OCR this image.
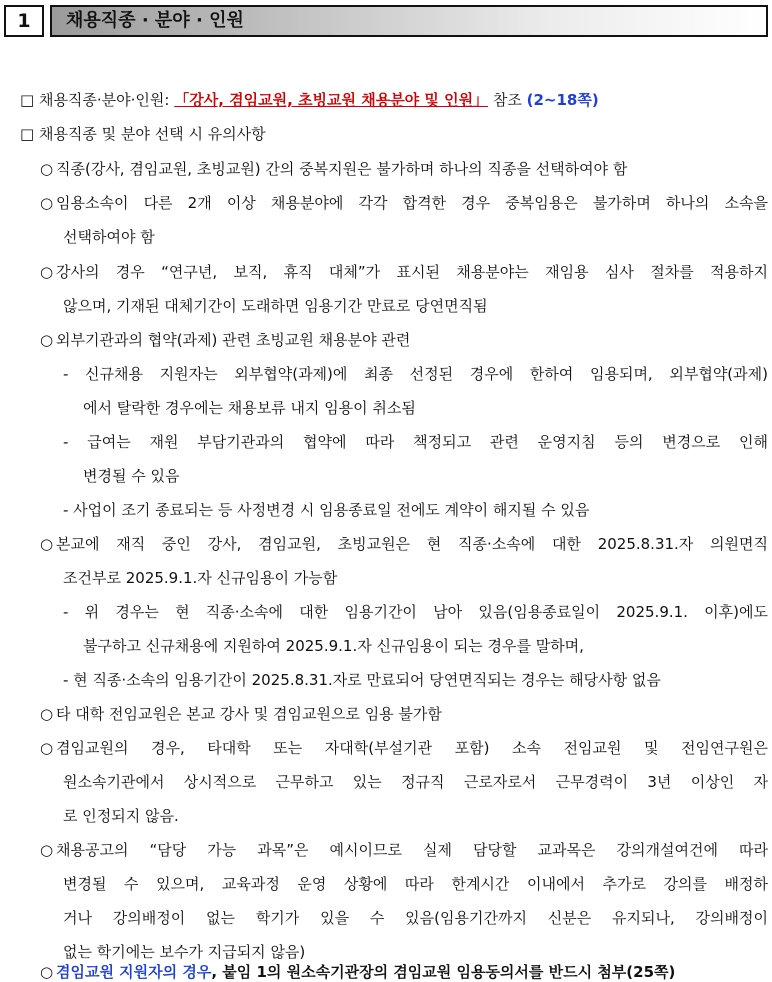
1	채용직종 · 분야 · 인원
□ 채용직종·분야·인원: 「강사, 겸임교원, 초빙교원 채용분야 및 인원」 참조 (2~18쪽)
□ 채용직종 및 분야 선택 시 유의사항
○ 직종(강사, 겸임교원, 초빙교원) 간의 중복지원은 불가하며 하나의 직종을 선택하여야 함
○ 임용소속이 다른 2개 이상 채용분야에 각각 합격한 경우 중복임용은 불가하며 하나의 소속을
선택하여야 함
○ 강사의 경우 “연구년, 보직, 휴직 대체”가 표시된 채용분야는 재임용 심사 절차를 적용하지
않으며, 기재된 대체기간이 도래하면 임용기간 만료로 당연면직됨
○ 외부기관과의 협약(과제) 관련 초빙교원 채용분야 관련
- 신규채용 지원자는 외부협약(과제)에 최종 선정된 경우에 한하여 임용되며, 외부협약(과제)
에서 탈락한 경우에는 채용보류 내지 임용이 취소됨
- 급여는 재원 부담기관과의 협약에 따라 책정되고 관련 운영지침 등의 변경으로 인해
변경될 수 있음
- 사업이 조기 종료되는 등 사정변경 시 임용종료일 전에도 계약이 해지될 수 있음
○ 본교에 재직 중인 강사, 겸임교원, 초빙교원은 현 직종·소속에 대한 2025.8.31.자 의원면직
조건부로 2025.9.1.자 신규임용이 가능함
- 위 경우는 현 직종·소속에 대한 임용기간이 남아 있음(임용종료일이 2025.9.1. 이후)에도
불구하고 신규채용에 지원하여 2025.9.1.자 신규임용이 되는 경우를 말하며,
- 현 직종·소속의 임용기간이 2025.8.31.자로 만료되어 당연면직되는 경우는 해당사항 없음
○ 타 대학 전임교원은 본교 강사 및 겸임교원으로 임용 불가함
○ 겸임교원의 경우, 타대학 또는 자대학(부설기관 포함) 소속 전임교원 및 전임연구원은
원소속기관에서 상시적으로 근무하고 있는 정규직 근로자로서 근무경력이 3년 이상인 자
로 인정되지 않음.
○ 채용공고의 “담당 가능 과목”은 예시이므로 실제 담당할 교과목은 강의개설여건에 따라
변경될 수 있으며, 교육과정 운영 상황에 따라 한계시간 이내에서 추가로 강의를 배정하
거나 강의배정이 없는 학기가 있을 수 있음(임용기간까지 신분은 유지되나, 강의배정이
없는 학기에는 보수가 지급되지 않음)
○ 겸임교원 지원자의 경우, 붙임 1의 원소속기관장의 겸임교원 임용동의서를 반드시 첨부(25쪽)
